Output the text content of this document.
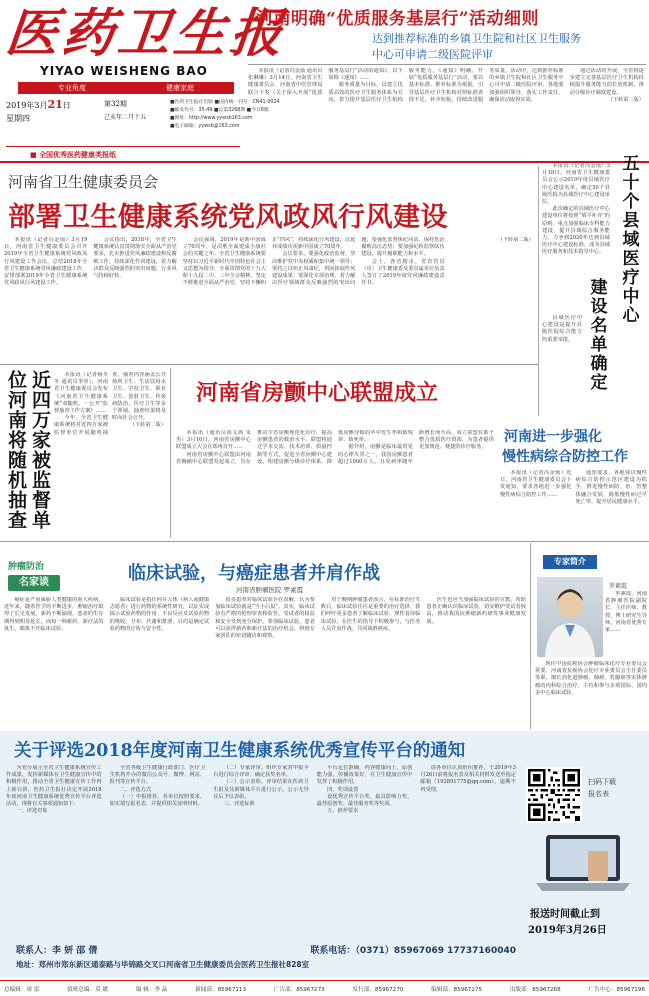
医药卫生报
YIYAO WEISHENG BAO
专业角度	健康家庭
2019年3月21日
星期四
第32期
己亥年二月十五
■医药卫生报社出版 ■国内统一刊号：CN41-0024
■邮发代号：35-49 ■总第3268期 ■今日8版
■网址：http://www.yywsb163.com
■电子邮箱：yywsb@163.com
■ 全国优秀医药健康类报纸
河南明确“优质服务基层行”活动细则
达到推荐标准的乡镇卫生院和社区卫生服务
中心可申请二级医院评审

本报讯（记者冯金灿 通讯员张琳琳）3月14日，河南省卫生健康委员会、河南省中医管理局联合下发《关于深入开展“优质服务基层行”活动的通知》，以下简称《通知》……

服务质量为目标，以建立优质高效的医疗卫生服务体系为方向，着力提升基层医疗卫生机构服务能力。《通知》明确，开展“优质服务基层行”活动，要以基本标准、推荐标准为依据，引导基层医疗卫生机构对照标准查找不足、补齐短板，持续改进服务质量。活动中，达到推荐标准的乡镇卫生院和社区卫生服务中心可申请二级医院评审。各地要加强组织领导，落实工作责任，确保活动取得实效。

通过活动的开展，全省将逐步建立完善基层医疗卫生机构持续提升服务能力的长效机制，推动分级诊疗制度建设。

（下转第二版）

河南省卫生健康委员会
部署卫生健康系统党风政风行风建设

本报讯（记者冯金灿）3月19日，河南省卫生健康委员会召开2019年全省卫生健康系统党风政风行风建设工作会议，总结2018年全省卫生健康系统党风廉政建设工作，安排部署2019年全省卫生健康系统党风政风行风建设工作。

会议指出，2018年，全省卫生健康系统认真贯彻落实全面从严治党要求，扎实推进党风廉政建设和反腐败工作，持续深化作风建设，着力解决群众反映强烈的突出问题，行业风气持续好转。

会议强调，2019年是新中国成立70周年，是决胜全面建成小康社会的关键之年。全省卫生健康系统要坚持以习近平新时代中国特色社会主义思想为指导，全面贯彻党的十九大和十九届二中、三中全会精神，坚定不移推进全面从严治党，坚持不懈纠正“四风”，持续深化行风建设，以优异成绩庆祝新中国成立70周年。

会议要求，要强化政治监督，坚决维护党中央权威和集中统一领导；要持之以恒正风肃纪，巩固拓展作风建设成果；要深化专项治理，着力解决医疗领域群众反映强烈的突出问题；要强化监督执纪问责，保持惩治腐败高压态势；要加强纪检监察队伍建设，提升履职能力和水平。

会上，各省辖市、省直管县（市）卫生健康委及委直属单位负责人签订了2019年度党风廉政建设责任书。

（下转第二版）

本报讯（记者冯金灿）3月18日，河南省卫生健康委员会公示2019年度县域医疗中心建设名单，确定50个县级医院为县域医疗中心建设单位。

此次确定的县域医疗中心建设单位将按照“填平补齐”的原则，重点加强临床专科能力建设，提升县域综合服务能力，力争到2020年达到县域医疗中心建设标准，成为县域医疗服务和技术指导中心。

五
十
个
县
域
医
疗
中
心
建
设
名
单
确
定

县域医疗中心建设是提升县级医院综合能力的重要举措。

近四万家被监督单位河南将随机抽查	本报讯（记者杨冬冬 通讯员李喜），河南省卫生健康委员会发布《河南省卫生健康系统“双随机、一公开”监督抽查工作方案》……

今年，全省卫生健康系统将对近四万家被监督单位开展随机抽查，抽查内容涵盖公共场所卫生、生活饮用水卫生、学校卫生、职业卫生、放射卫生、传染病防治、医疗卫生等多个领域。抽查结果将及时向社会公开。

（下转第二版）

河南省房颤中心联盟成立

本报讯（通讯员尚文海 朱杰）3月16日，河南省房颤中心联盟成立大会在郑州召开……

河南省房颤中心联盟由河南省胸痛中心联盟发起成立，旨在推动全省房颤规范化诊疗，提高房颤患者的救治水平。联盟将通过学术交流、技术培训、质量控制等方式，促进全省房颤中心建设，构建房颤分级诊疗体系，降低房颤导致的卒中发生率和致残率、致死率。

据介绍，房颤是临床最常见的心律失常之一，我国房颤患者超过1000万人，且发病率随年龄增长而升高。成立联盟有助于整合优质医疗资源，为患者提供更加规范、便捷的诊疗服务。

河南进一步强化
慢性病综合防控工作

本报讯（记者冯金灿）近日，河南省卫生健康委员会下发通知，要求各地进一步强化慢性病综合防控工作……

通知要求，各地要以慢性病综合防控示范区建设为抓手，推进慢性病防、治、管整体融合发展，降低慢性病过早死亡率，提升居民健康水平。

肿瘤防治
名家谈	临床试验，与癌症患者并肩作战
河南省肿瘤医院 罗素霞

癌症是严重威胁人类健康的重大疾病。近年来，随着医学的不断进步，肿瘤治疗取得了长足发展，新药不断涌现，患者的生存期得到明显延长。而每一种新药、新疗法的诞生，都离不开临床试验。

临床试验是指任何在人体（病人或健康志愿者）进行药物的系统性研究，以证实或揭示试验药物的作用、不良反应及试验药物的吸收、分布、代谢和排泄，目的是确定试验药物的疗效与安全性。

很多患者对临床试验存在误解，认为参加临床试验就是“当小白鼠”。其实，临床试验有严格的伦理审查和监管，受试者的权益和安全受到充分保护。参加临床试验，患者可以获得新药和新疗法的治疗机会，得到专家团队的密切随访和观察。

对于晚期肿瘤患者而言，在标准治疗失败后，临床试验往往是重要的治疗选择。我们呼吁更多患者了解临床试验、理性看待临床试验，在医生的指导下积极参与，与医务人员并肩作战，共同战胜癌症。

医生也应当加强临床试验的宣教，帮助患者正确认识临床试验，切实维护受试者权益，推动我国抗肿瘤新药研发事业健康发展。

专家简介
罗素霞

罗素霞，河南省肿瘤医院副院长、主任医师，教授，博士研究生导师，河南省优秀专家……

现任中国抗癌协会肿瘤临床化疗专业委员会常委、河南省抗癌协会化疗专业委员会主任委员等职。擅长消化道肿瘤、肺癌、乳腺癌等实体肿瘤的内科综合治疗，主持和参与多项国际、国内多中心临床试验。

关于评选2018年度河南卫生健康系统优秀宣传平台的通知

为充分展示全省卫生健康系统宣传工作成果，发挥新媒体在卫生健康宣传中的积极作用，推动全省卫生健康宣传工作再上新台阶，医药卫生报社决定开展2018年度河南卫生健康系统优秀宣传平台评选活动。现将有关事项通知如下：

一、评选对象

全省各级卫生健康行政部门、医疗卫生机构开办的微信公众号、微博、网站、报刊等宣传平台。

二、评选方式

（一）申报推荐。各单位按照要求，如实填写报名表，并提供相关证明材料。

（二）专家评审。组织专家对申报平台进行综合评审，确定获奖名单。

（三）公示表彰。评审结果在医药卫生报及其新媒体平台进行公示，公示无异议后予以表彰。

三、评选标准

平台定位准确，内容健康向上，原创能力强，传播效果好，在卫生健康宣传中发挥了积极作用。

四、奖项设置

设优秀宣传平台奖、最具影响力奖、最佳原创奖、最佳服务奖等奖项。

五、推荐要求

请各单位认真组织推荐，于2019年3月26日前将报名表及相关材料发送至指定邮箱（192891775@qq.com），逾期不再受理。

扫码下载
报名表
报送时间截止到
2019年3月26日
联系人：李 妍 邵 倩	联系电话：（0371）85967069 17737160040
地址：郑州市郑东新区通泰路与毕锦路交叉口河南省卫生健康委员会医药卫生报社828室
总编辑：周 雷	值班总编：莫 媛	编 辑：李 晶	新闻部：85967113	广告部：85967273	发行部：85967270	编辑部：85967275	出版部：85967268	广告中心：85967196
